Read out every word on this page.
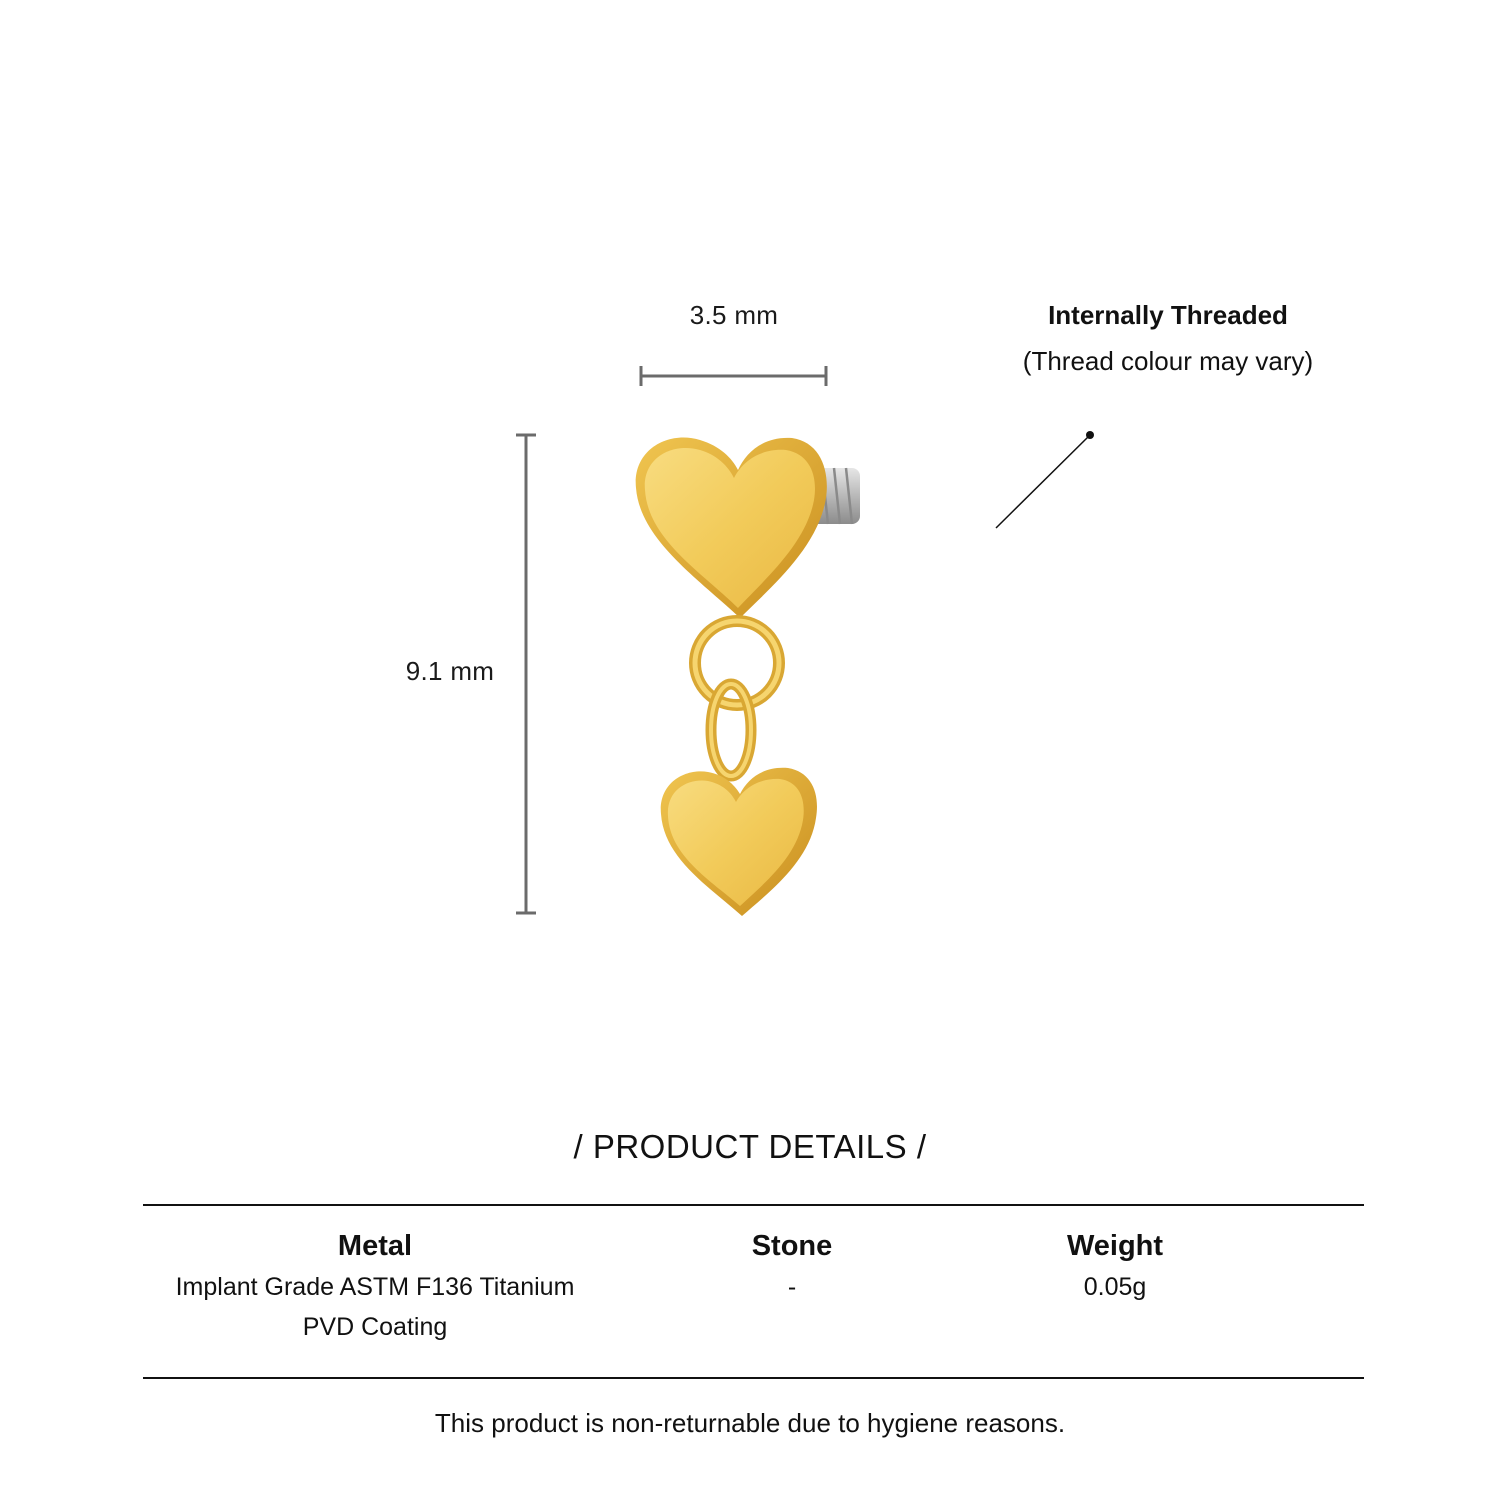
3.5 mm
9.1 mm
Internally Threaded
(Thread colour may vary)
/ PRODUCT DETAILS /
Metal
Implant Grade ASTM F136 Titanium
PVD Coating
Stone
-
Weight
0.05g
This product is non-returnable due to hygiene reasons.
